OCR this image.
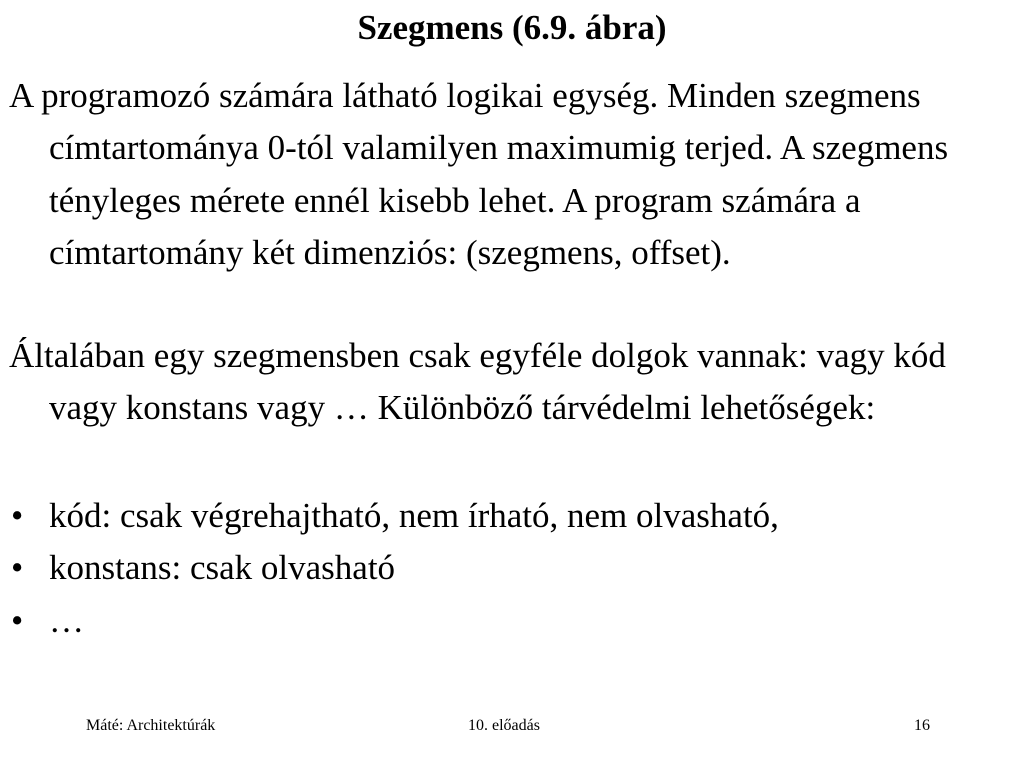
Szegmens (6.9. ábra)

A programozó számára látható logikai egység. Minden szegmens címtartománya 0-tól valamilyen maximumig terjed. A szegmens tényleges mérete ennél kisebb lehet. A program számára a címtartomány két dimenziós: (szegmens, offset).

Általában egy szegmensben csak egyféle dolgok vannak: vagy kód vagy konstans vagy … Különböző tárvédelmi lehetőségek:

• kód: csak végrehajtható, nem írható, nem olvasható,
• konstans: csak olvasható
• …
Máté: Architektúrák	10. előadás	16
